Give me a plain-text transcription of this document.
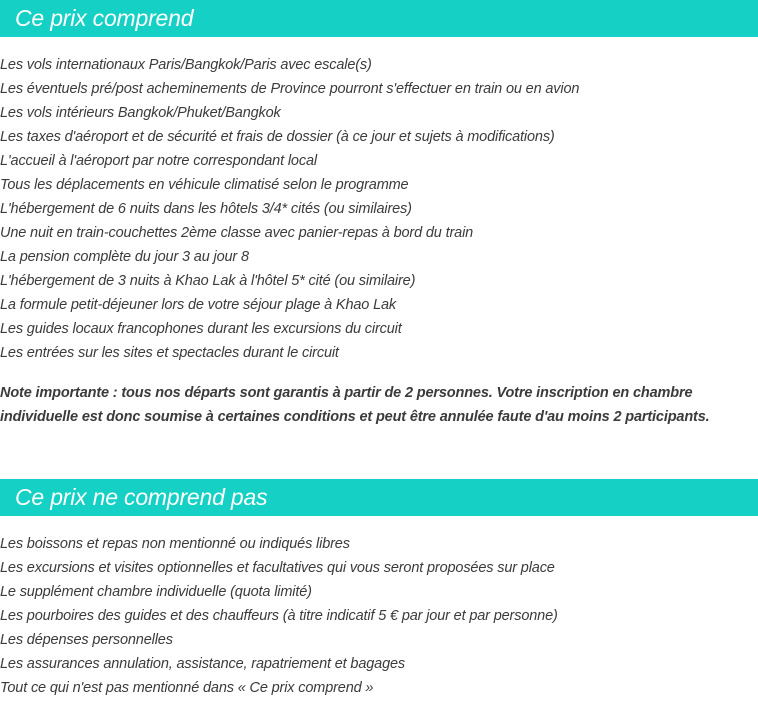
Ce prix comprend
Les vols internationaux Paris/Bangkok/Paris avec escale(s)
Les éventuels pré/post acheminements de Province pourront s'effectuer en train ou en avion
Les vols intérieurs Bangkok/Phuket/Bangkok
Les taxes d'aéroport et de sécurité et frais de dossier (à ce jour et sujets à modifications)
L'accueil à l'aéroport par notre correspondant local
Tous les déplacements en véhicule climatisé selon le programme
L'hébergement de 6 nuits dans les hôtels 3/4* cités (ou similaires)
Une nuit en train-couchettes 2ème classe avec panier-repas à bord du train
La pension complète du jour 3 au jour 8
L'hébergement de 3 nuits à Khao Lak à l'hôtel 5* cité (ou similaire)
La formule petit-déjeuner lors de votre séjour plage à Khao Lak
Les guides locaux francophones durant les excursions du circuit
Les entrées sur les sites et spectacles durant le circuit

Note importante : tous nos départs sont garantis à partir de 2 personnes. Votre inscription en chambre individuelle est donc soumise à certaines conditions et peut être annulée faute d'au moins 2 participants.

Ce prix ne comprend pas
Les boissons et repas non mentionné ou indiqués libres
Les excursions et visites optionnelles et facultatives qui vous seront proposées sur place
Le supplément chambre individuelle (quota limité)
Les pourboires des guides et des chauffeurs (à titre indicatif 5 € par jour et par personne)
Les dépenses personnelles
Les assurances annulation, assistance, rapatriement et bagages
Tout ce qui n'est pas mentionné dans « Ce prix comprend »
